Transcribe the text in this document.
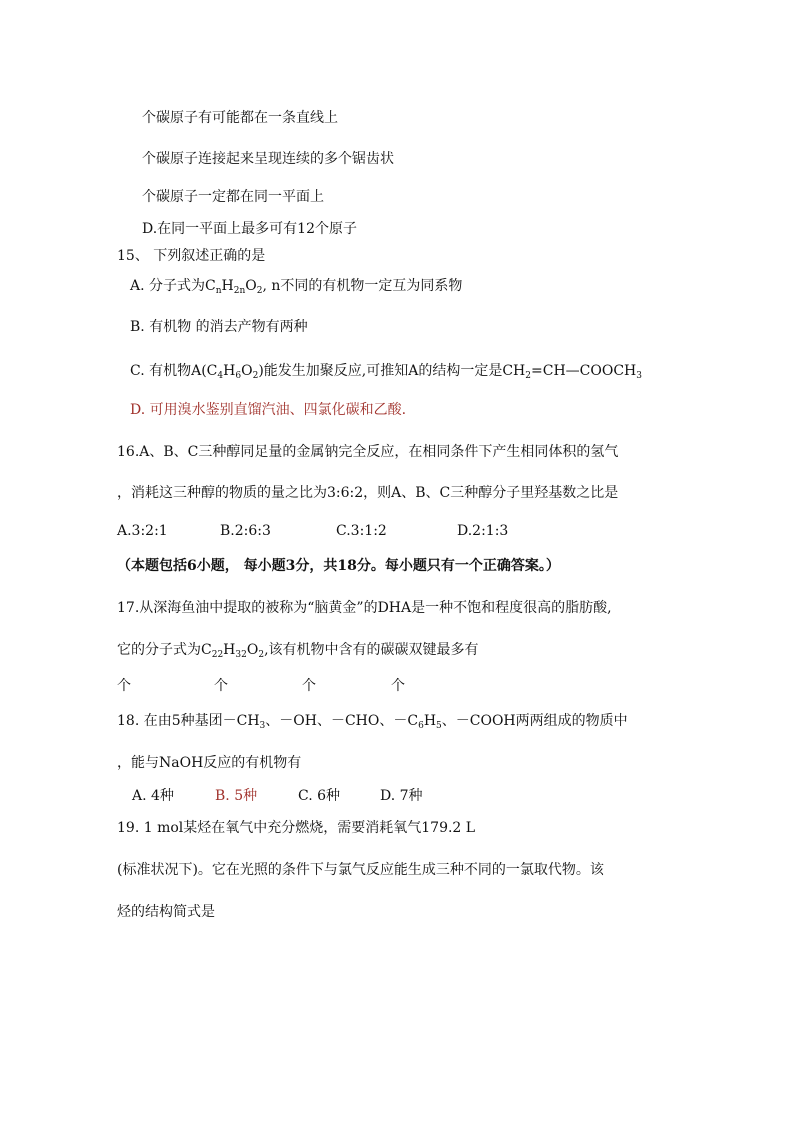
个碳原子有可能都在一条直线上
个碳原子连接起来呈现连续的多个锯齿状
个碳原子一定都在同一平面上
D.在同一平面上最多可有12个原子
15、 下列叙述正确的是
A. 分子式为$C_nH_{2n}O_2$, n不同的有机物一定互为同系物
B. 有机物 的消去产物有两种
C. 有机物$A(C_4H_6O_2)$能发生加聚反应,可推知A的结构一定是$CH_2=CH—COOCH_3$
D. 可用溴水鉴别直馏汽油、四氯化碳和乙酸.
16.A、B、C三种醇同足量的金属钠完全反应，在相同条件下产生相同体积的氢气
，消耗这三种醇的物质的量之比为3:6:2，则A、B、C三种醇分子里羟基数之比是
A.3:2:1	B.2:6:3	C.3:1:2	D.2:1:3
（本题包括6小题， 每小题3分，共18分。每小题只有一个正确答案。）
17.从深海鱼油中提取的被称为“脑黄金”的DHA是一种不饱和程度很高的脂肪酸,
它的分子式为$C_{22}H_{32}O_2$,该有机物中含有的碳碳双键最多有
个	个	个	个
18. 在由5种基团$-CH_3$、－OH、－CHO、$-C_6H_5$、－COOH两两组成的物质中
，能与NaOH反应的有机物有
A. 4种	B. 5种	C. 6种	D. 7种
19. 1 mol某烃在氧气中充分燃烧，需要消耗氧气179.2 L
(标准状况下)。它在光照的条件下与氯气反应能生成三种不同的一氯取代物。该
烃的结构简式是
